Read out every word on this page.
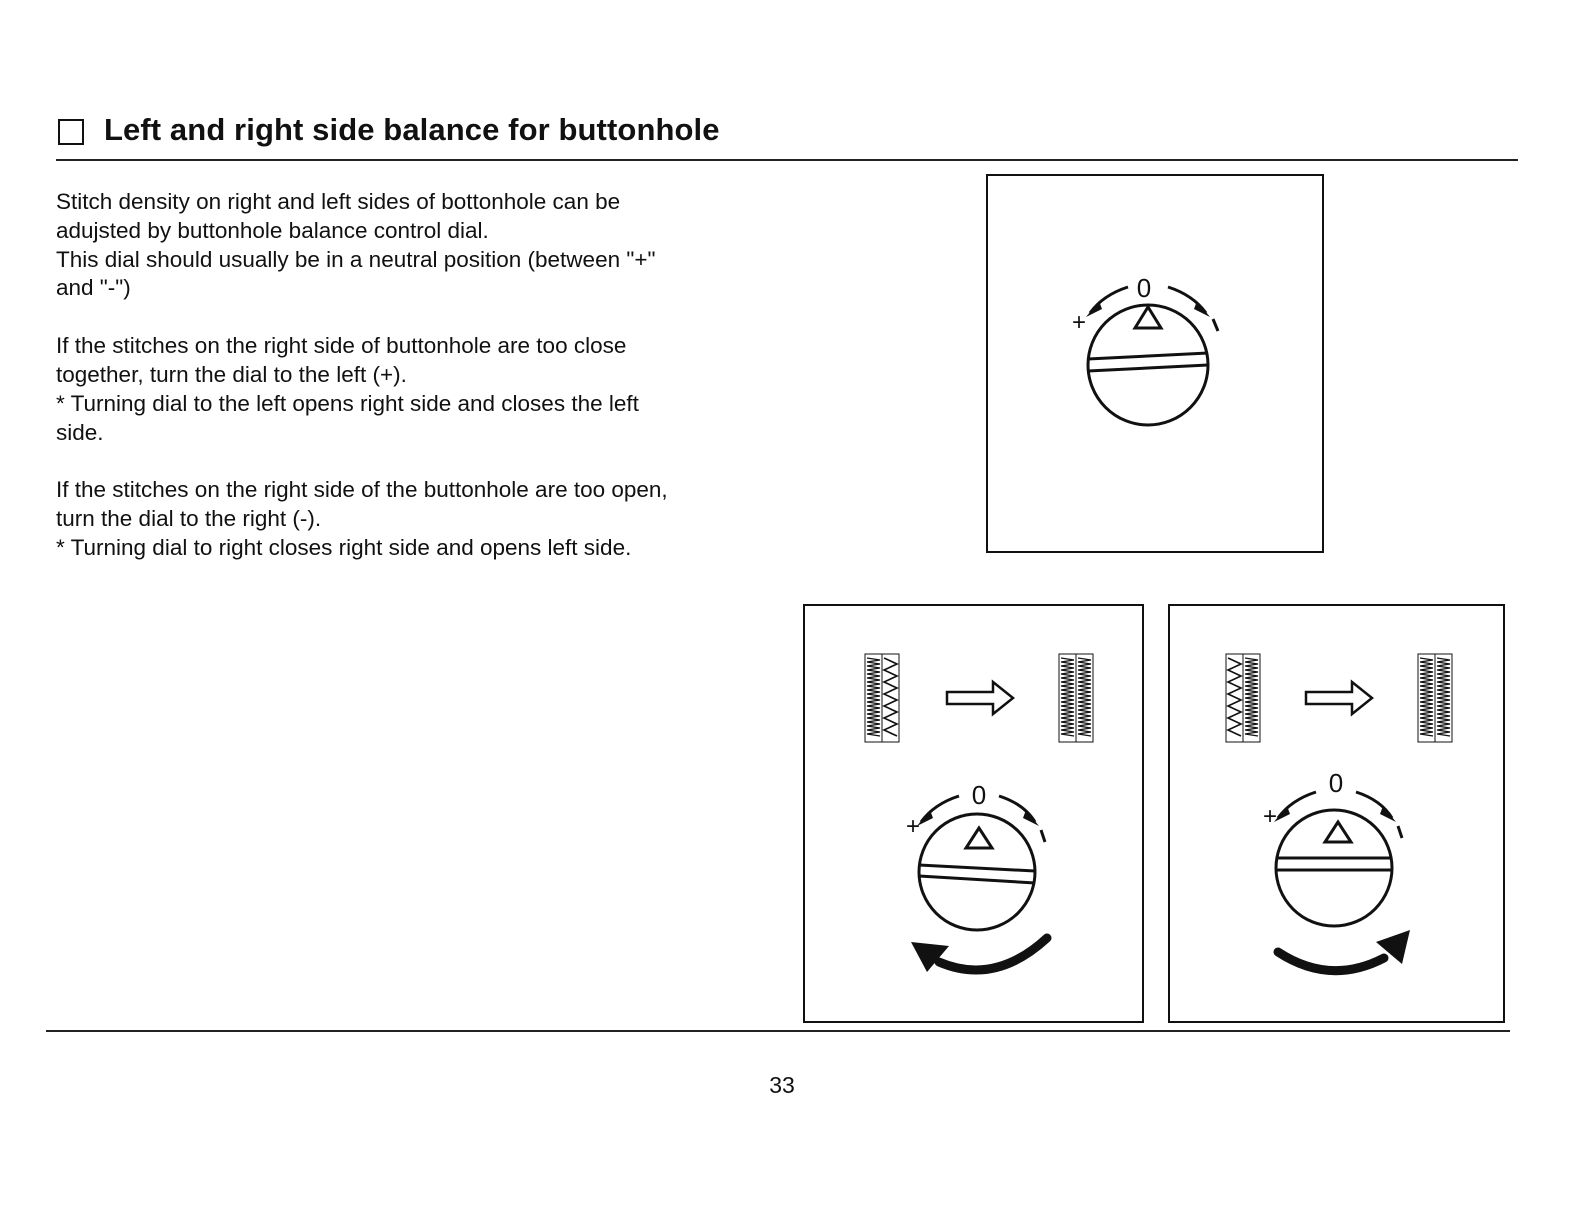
Left and right side balance for buttonhole

Stitch density on right and left sides of bottonhole can be
adujsted by buttonhole balance control dial.
This dial should usually be in a neutral position (between "+"
and "-")

If the stitches on the right side of buttonhole are too close
together, turn the dial to the left (+).
* Turning dial to the left opens right side and closes the left
side.

If the stitches on the right side of the buttonhole are too open,
turn the dial to the right (-).
* Turning dial to right closes right side and opens left side.

0
+
0
+
0
+
33
